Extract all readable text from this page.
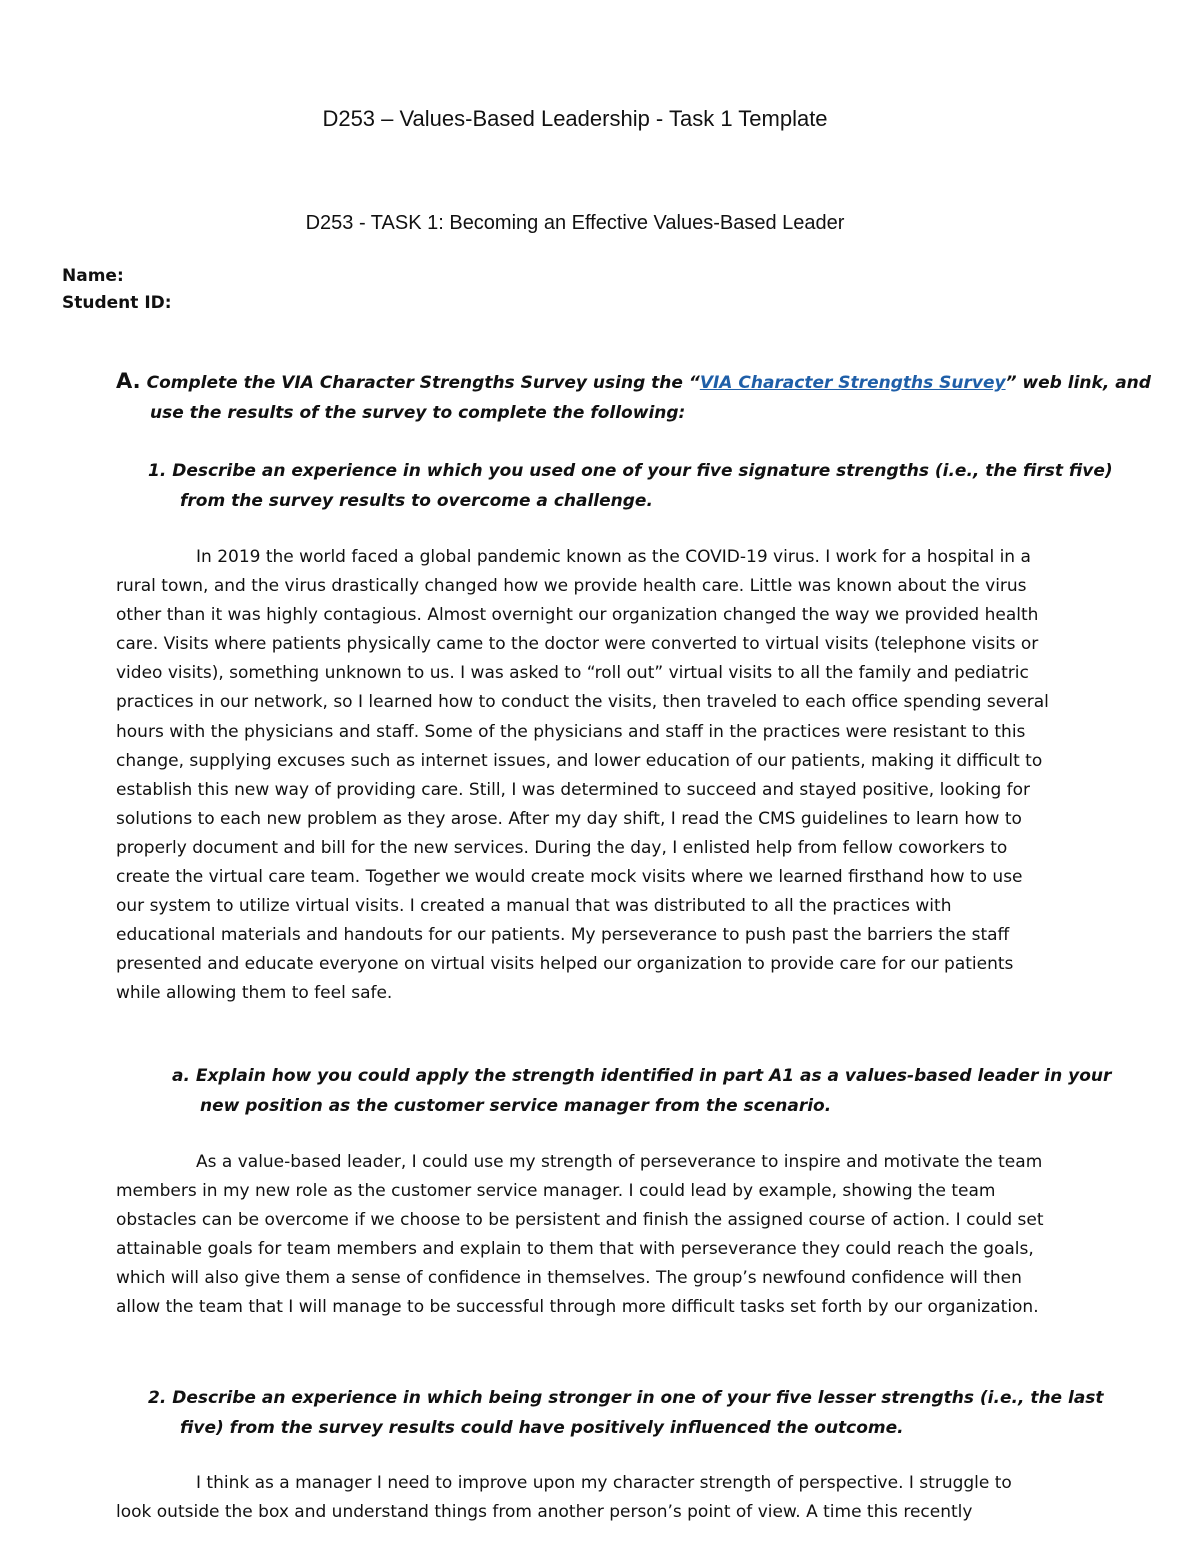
D253 – Values-Based Leadership - Task 1 Template
D253 - TASK 1: Becoming an Effective Values-Based Leader
Name:
Student ID:
A. Complete the VIA Character Strengths Survey using the “VIA Character Strengths Survey” web link, and
use the results of the survey to complete the following:
1. Describe an experience in which you used one of your five signature strengths (i.e., the first five)
from the survey results to overcome a challenge.
In 2019 the world faced a global pandemic known as the COVID-19 virus. I work for a hospital in a
rural town, and the virus drastically changed how we provide health care. Little was known about the virus
other than it was highly contagious. Almost overnight our organization changed the way we provided health
care. Visits where patients physically came to the doctor were converted to virtual visits (telephone visits or
video visits), something unknown to us. I was asked to “roll out” virtual visits to all the family and pediatric
practices in our network, so I learned how to conduct the visits, then traveled to each office spending several
hours with the physicians and staff. Some of the physicians and staff in the practices were resistant to this
change, supplying excuses such as internet issues, and lower education of our patients, making it difficult to
establish this new way of providing care. Still, I was determined to succeed and stayed positive, looking for
solutions to each new problem as they arose. After my day shift, I read the CMS guidelines to learn how to
properly document and bill for the new services. During the day, I enlisted help from fellow coworkers to
create the virtual care team. Together we would create mock visits where we learned firsthand how to use
our system to utilize virtual visits. I created a manual that was distributed to all the practices with
educational materials and handouts for our patients. My perseverance to push past the barriers the staff
presented and educate everyone on virtual visits helped our organization to provide care for our patients
while allowing them to feel safe.
a. Explain how you could apply the strength identified in part A1 as a values-based leader in your
new position as the customer service manager from the scenario.
As a value-based leader, I could use my strength of perseverance to inspire and motivate the team
members in my new role as the customer service manager. I could lead by example, showing the team
obstacles can be overcome if we choose to be persistent and finish the assigned course of action. I could set
attainable goals for team members and explain to them that with perseverance they could reach the goals,
which will also give them a sense of confidence in themselves. The group’s newfound confidence will then
allow the team that I will manage to be successful through more difficult tasks set forth by our organization.
2. Describe an experience in which being stronger in one of your five lesser strengths (i.e., the last
five) from the survey results could have positively influenced the outcome.
I think as a manager I need to improve upon my character strength of perspective. I struggle to
look outside the box and understand things from another person’s point of view. A time this recently
